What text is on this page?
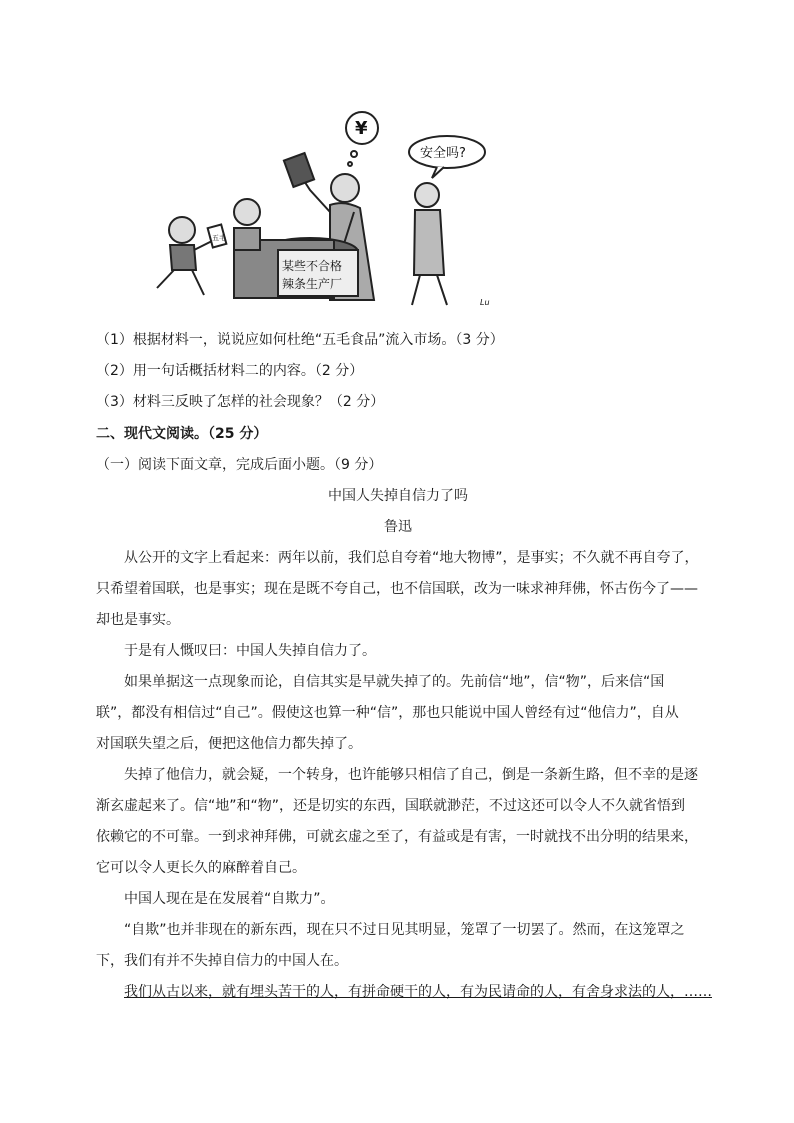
¥
安全吗?
某些不合格
辣条生产厂
五毛
Lu
（1）根据材料一，说说应如何杜绝“五毛食品”流入市场。（3 分）
（2）用一句话概括材料二的内容。（2 分）
（3）材料三反映了怎样的社会现象？（2 分）
二、现代文阅读。（25 分）
（一）阅读下面文章，完成后面小题。（9 分）
中国人失掉自信力了吗
鲁迅
从公开的文字上看起来：两年以前，我们总自夸着“地大物博”，是事实；不久就不再自夸了，
只希望着国联，也是事实；现在是既不夸自己，也不信国联，改为一味求神拜佛，怀古伤今了——
却也是事实。
于是有人慨叹曰：中国人失掉自信力了。
如果单据这一点现象而论，自信其实是早就失掉了的。先前信“地”，信“物”，后来信“国
联”，都没有相信过“自己”。假使这也算一种“信”，那也只能说中国人曾经有过“他信力”，自从
对国联失望之后，便把这他信力都失掉了。
失掉了他信力，就会疑，一个转身，也许能够只相信了自己，倒是一条新生路，但不幸的是逐
渐玄虚起来了。信“地”和“物”，还是切实的东西，国联就渺茫，不过这还可以令人不久就省悟到
依赖它的不可靠。一到求神拜佛，可就玄虚之至了，有益或是有害，一时就找不出分明的结果来，
它可以令人更长久的麻醉着自己。
中国人现在是在发展着“自欺力”。
“自欺”也并非现在的新东西，现在只不过日见其明显，笼罩了一切罢了。然而，在这笼罩之
下，我们有并不失掉自信力的中国人在。
我们从古以来，就有埋头苦干的人，有拼命硬干的人，有为民请命的人，有舍身求法的人，……
